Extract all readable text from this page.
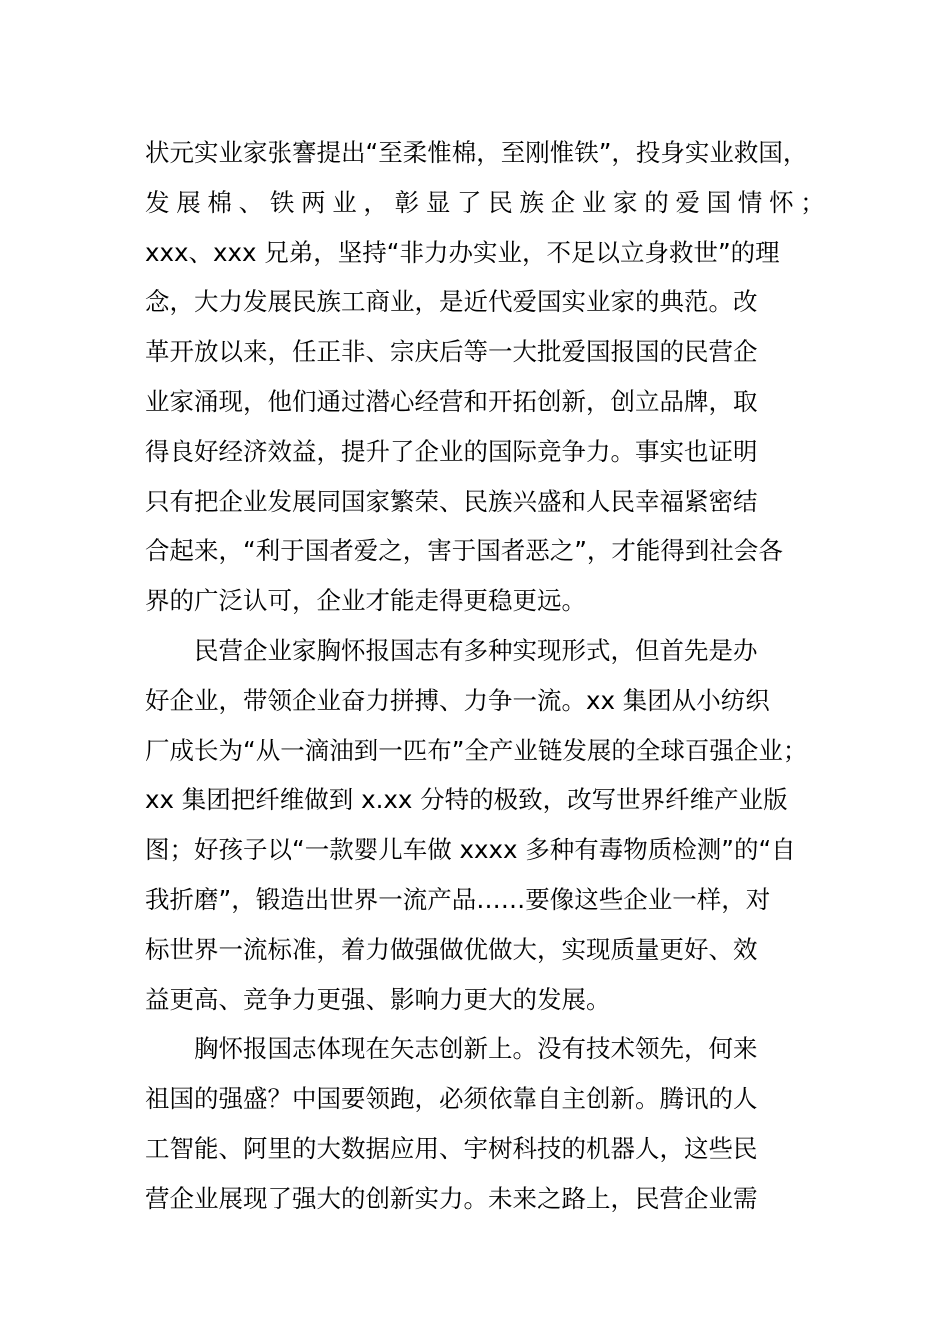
状元实业家张謇提出“至柔惟棉，至刚惟铁”，投身实业救国，
发 展 棉 、 铁 两 业 ， 彰 显 了 民 族 企 业 家 的 爱 国 情 怀 ；
xxx、xxx 兄弟，坚持“非力办实业，不足以立身救世”的理
念，大力发展民族工商业，是近代爱国实业家的典范。改
革开放以来，任正非、宗庆后等一大批爱国报国的民营企
业家涌现，他们通过潜心经营和开拓创新，创立品牌，取
得良好经济效益，提升了企业的国际竞争力。事实也证明
只有把企业发展同国家繁荣、民族兴盛和人民幸福紧密结
合起来，“利于国者爱之，害于国者恶之”，才能得到社会各
界的广泛认可，企业才能走得更稳更远。
民营企业家胸怀报国志有多种实现形式，但首先是办
好企业，带领企业奋力拼搏、力争一流。xx 集团从小纺织
厂成长为“从一滴油到一匹布”全产业链发展的全球百强企业；
xx 集团把纤维做到 x.xx 分特的极致，改写世界纤维产业版
图；好孩子以“一款婴儿车做 xxxx 多种有毒物质检测”的“自
我折磨”，锻造出世界一流产品……要像这些企业一样，对
标世界一流标准，着力做强做优做大，实现质量更好、效
益更高、竞争力更强、影响力更大的发展。
胸怀报国志体现在矢志创新上。没有技术领先，何来
祖国的强盛？中国要领跑，必须依靠自主创新。腾讯的人
工智能、阿里的大数据应用、宇树科技的机器人，这些民
营企业展现了强大的创新实力。未来之路上，民营企业需
